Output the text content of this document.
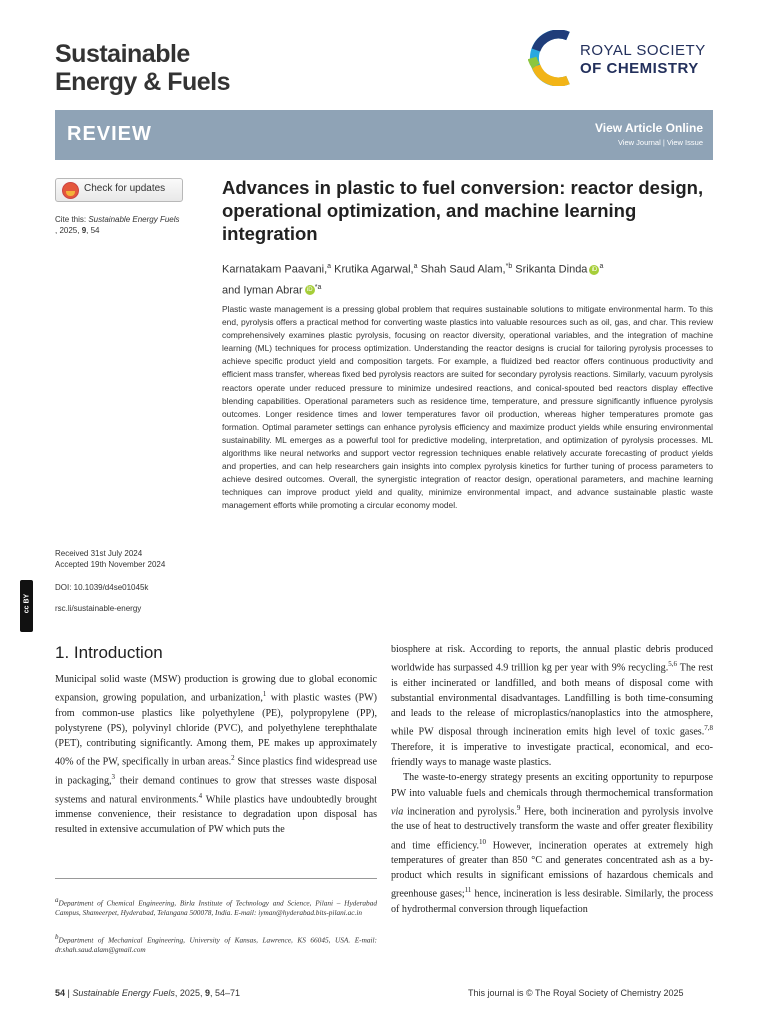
Sustainable
Energy & Fuels
ROYAL SOCIETY
OF CHEMISTRY
REVIEW	View Article Online
View Journal | View Issue
Check for updates
Cite this: Sustainable Energy Fuels
, 2025, 9, 54
Advances in plastic to fuel conversion: reactor design, operational optimization, and machine learning integration
Karnatakam Paavani,$^a$ Krutika Agarwal,$^a$ Shah Saud Alam,$^{*b}$ Srikanta Dinda iD $^a$
and Iyman Abrar iD $^{*a}$
Plastic waste management is a pressing global problem that requires sustainable solutions to mitigate environmental harm. To this end, pyrolysis offers a practical method for converting waste plastics into valuable resources such as oil, gas, and char. This review comprehensively examines plastic pyrolysis, focusing on reactor diversity, operational variables, and the integration of machine learning (ML) techniques for process optimization. Understanding the reactor designs is crucial for tailoring pyrolysis processes to achieve specific product yield and composition targets. For example, a fluidized bed reactor offers continuous productivity and efficient mass transfer, whereas fixed bed pyrolysis reactors are suited for secondary pyrolysis reactions. Similarly, vacuum pyrolysis reactors operate under reduced pressure to minimize undesired reactions, and conical-spouted bed reactors display effective blending capabilities. Operational parameters such as residence time, temperature, and pressure significantly influence pyrolysis outcomes. Longer residence times and lower temperatures favor oil production, whereas higher temperatures promote gas formation. Optimal parameter settings can enhance pyrolysis efficiency and maximize product yields while ensuring environmental sustainability. ML emerges as a powerful tool for predictive modeling, interpretation, and optimization of pyrolysis processes. ML algorithms like neural networks and support vector regression techniques enable relatively accurate forecasting of product yields and properties, and can help researchers gain insights into complex pyrolysis kinetics for further tuning of process parameters to achieve desired outcomes. Overall, the synergistic integration of reactor design, operational parameters, and machine learning techniques can improve product yield and quality, minimize environmental impact, and advance sustainable plastic waste management efforts while promoting a circular economy model.
Received 31st July 2024
Accepted 19th November 2024
DOI: 10.1039/d4se01045k
rsc.li/sustainable-energy
cc BY
1. Introduction
Municipal solid waste (MSW) production is growing due to global economic expansion, growing population, and urbanization,$^1$ with plastic wastes (PW) from common-use plastics like polyethylene (PE), polypropylene (PP), polystyrene (PS), polyvinyl chloride (PVC), and polyethylene terephthalate (PET), contributing significantly. Among them, PE makes up approximately 40% of the PW, specifically in urban areas.$^2$ Since plastics find widespread use in packaging,$^3$ their demand continues to grow that stresses waste disposal systems and natural environments.$^4$ While plastics have undoubtedly brought immense convenience, their resistance to degradation upon disposal has resulted in extensive accumulation of PW which puts the

biosphere at risk. According to reports, the annual plastic debris produced worldwide has surpassed 4.9 trillion kg per year with 9% recycling.$^{5,6}$ The rest is either incinerated or landfilled, and both means of disposal come with substantial environmental disadvantages. Landfilling is both time-consuming and leads to the release of microplastics/nanoplastics into the atmosphere, while PW disposal through incineration emits high level of toxic gases.$^{7,8}$ Therefore, it is imperative to investigate practical, economical, and eco-friendly ways to manage waste plastics.

The waste-to-energy strategy presents an exciting opportunity to repurpose PW into valuable fuels and chemicals through thermochemical transformation via incineration and pyrolysis.$^9$ Here, both incineration and pyrolysis involve the use of heat to destructively transform the waste and offer greater flexibility and time efficiency.$^{10}$ However, incineration operates at extremely high temperatures of greater than 850 °C and generates concentrated ash as a by-product which results in significant emissions of hazardous chemicals and greenhouse gases;$^{11}$ hence, incineration is less desirable. Similarly, the process of hydrothermal conversion through liquefaction

$^a$Department of Chemical Engineering, Birla Institute of Technology and Science, Pilani – Hyderabad Campus, Shameerpet, Hyderabad, Telangana 500078, India. E-mail: iyman@hyderabad.bits-pilani.ac.in
$^b$Department of Mechanical Engineering, University of Kansas, Lawrence, KS 66045, USA. E-mail: dr.shah.saud.alam@gmail.com
54 | Sustainable Energy Fuels, 2025, 9, 54–71	This journal is © The Royal Society of Chemistry 2025
